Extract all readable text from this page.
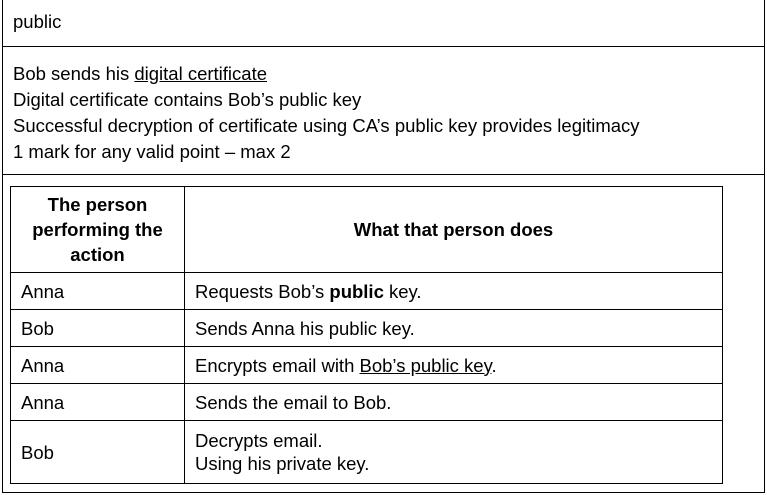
public
Bob sends his digital certificate
Digital certificate contains Bob’s public key
Successful decryption of certificate using CA’s public key provides legitimacy
1 mark for any valid point – max 2
The person performing the action	What that person does
Anna	Requests Bob’s public key.
Bob	Sends Anna his public key.
Anna	Encrypts email with Bob’s public key.
Anna	Sends the email to Bob.
Bob	Decrypts email.
Using his private key.
